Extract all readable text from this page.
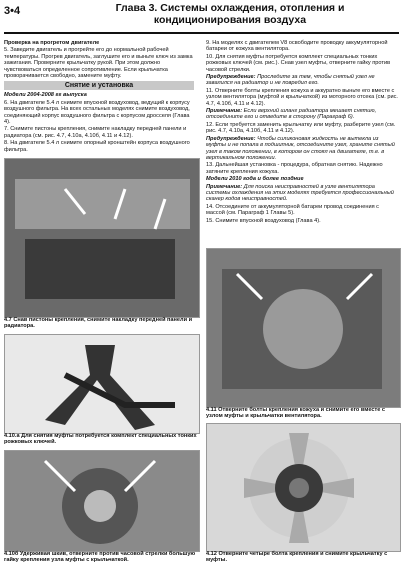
3•4	Глава 3. Системы охлаждения, отопления и кондиционирования воздуха
Проверка на прогретом двигателе
5. Заведите двигатель и прогрейте его до нормальной рабочей температуры. Прогрев двигатель, заглушите его и выньте ключ из замка зажигания. Проверните крыльчатку рукой. При этом должно чувствоваться определенное сопротивление. Если крыльчатка проворачивается свободно, замените муфту.
Снятие и установка
Модели 2004-2008 гг выпуска
6. На двигателе 5.4 л снимите впускной воздуховод, ведущий к корпусу воздушного фильтра. На всех остальных моделях снимите воздуховод, соединяющий корпус воздушного фильтра с корпусом дросселя (Глава 4).
7. Снимите пистоны крепления, снимите накладку передней панели и радиатора (см. рис. 4.7, 4.10а, 4.10б, 4.11 и 4.12).
8. На двигателе 5.4 л снимите опорный кронштейн корпуса воздушного фильтра.
4.7 Снав пистоны крепления, снимите накладку передней панели и радиатора.
4.10.а Для снятия муфты потребуется комплект специальных тонких рожковых ключей.
4.10б Удерживая шкив, отверните против часовой стрелки большую гайку крепления узла муфты с крыльчаткой.
9. На моделях с двигателем V8 освободите проводку аккумуляторной батареи от кожуха вентилятора.
10. Для снятия муфты потребуется комплект специальных тонких рожковых ключей (см. рис.). Снав узел муфты, отверните гайку против часовой стрелки.
Предупреждение: Проследите за тем, чтобы снятый узел не завалился на радиатор и не повредил его.
11. Отверните болты крепления кожуха и аккуратно выньте его вместе с узлом вентилятора (муфтой и крыльчаткой) из моторного отсека (см. рис. 4.7, 4.10б, 4.11 и 4.12).
Примечание: Если верхний шланг радиатора мешает снятию, отсоедините его и отведите в сторону (Параграф 6).
12. Если требуется заменить крыльчатку или муфту, разберите узел (см. рис. 4.7, 4.10а, 4.10б, 4.11 и 4.12).
Предупреждение: Чтобы силиконовая жидкость не вытекла из муфты и не попала в подшипник, отсоедините узел, храните снятый узел в таком положении, в котором он стоял на двигателе, т.е. в вертикальном положении.
13. Дальнейшая установка - процедура, обратная снятию. Надежно затяните крепления кожуха.
Модели 2010 года и более поздние
Примечание: Для поиска неисправностей в узле вентилятора системы охлаждения на этих моделях требуется профессиональный сканер кодов неисправностей.
14. Отсоедините от аккумуляторной батареи провод соединения с массой (см. Параграф 1 Главы 5).
15. Снимите впускной воздуховод (Глава 4).
4.11 Отверните болты крепления кожуха и снимите его вместе с узлом муфты и крыльчатки вентилятора.
4.12 Отверните четыре болта крепления и снимите крыльчатку с муфты.
